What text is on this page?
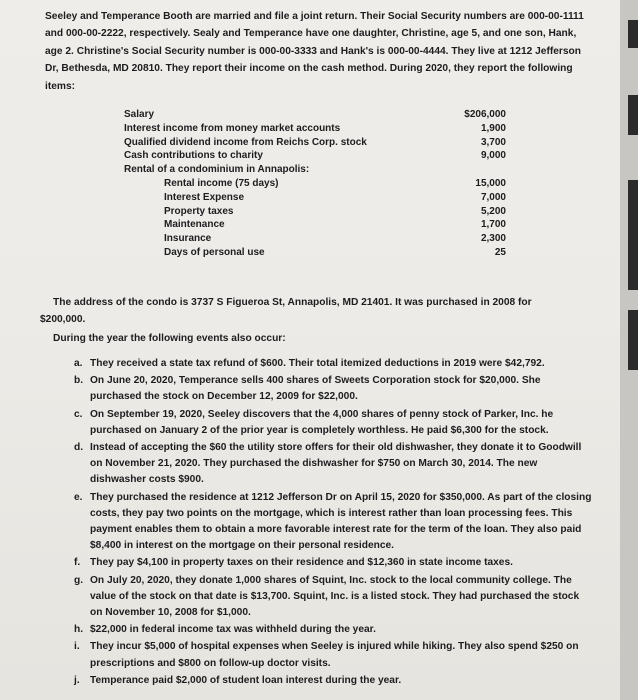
Seeley and Temperance Booth are married and file a joint return. Their Social Security numbers are 000-00-1111 and 000-00-2222, respectively. Sealy and Temperance have one daughter, Christine, age 5, and one son, Hank, age 2. Christine's Social Security number is 000-00-3333 and Hank's is 000-00-4444. They live at 1212 Jefferson Dr, Bethesda, MD 20810. They report their income on the cash method. During 2020, they report the following items:
Salary	$206,000
Interest income from money market accounts	1,900
Qualified dividend income from Reichs Corp. stock	3,700
Cash contributions to charity	9,000
Rental of a condominium in Annapolis:
Rental income (75 days)	15,000
Interest Expense	7,000
Property taxes	5,200
Maintenance	1,700
Insurance	2,300
Days of personal use	25
The address of the condo is 3737 S Figueroa St, Annapolis, MD 21401. It was purchased in 2008 for
$200,000.
During the year the following events also occur:
a. They received a state tax refund of $600. Their total itemized deductions in 2019 were $42,792.
b. On June 20, 2020, Temperance sells 400 shares of Sweets Corporation stock for $20,000. She purchased the stock on December 12, 2009 for $22,000.
c. On September 19, 2020, Seeley discovers that the 4,000 shares of penny stock of Parker, Inc. he purchased on January 2 of the prior year is completely worthless. He paid $6,300 for the stock.
d. Instead of accepting the $60 the utility store offers for their old dishwasher, they donate it to Goodwill on November 21, 2020. They purchased the dishwasher for $750 on March 30, 2014. The new dishwasher costs $900.
e. They purchased the residence at 1212 Jefferson Dr on April 15, 2020 for $350,000. As part of the closing costs, they pay two points on the mortgage, which is interest rather than loan processing fees. This payment enables them to obtain a more favorable interest rate for the term of the loan. They also paid $8,400 in interest on the mortgage on their personal residence.
f. They pay $4,100 in property taxes on their residence and $12,360 in state income taxes.
g. On July 20, 2020, they donate 1,000 shares of Squint, Inc. stock to the local community college. The value of the stock on that date is $13,700. Squint, Inc. is a listed stock. They had purchased the stock on November 10, 2008 for $1,000.
h. $22,000 in federal income tax was withheld during the year.
i. They incur $5,000 of hospital expenses when Seeley is injured while hiking. They also spend $250 on prescriptions and $800 on follow-up doctor visits.
j. Temperance paid $2,000 of student loan interest during the year.
